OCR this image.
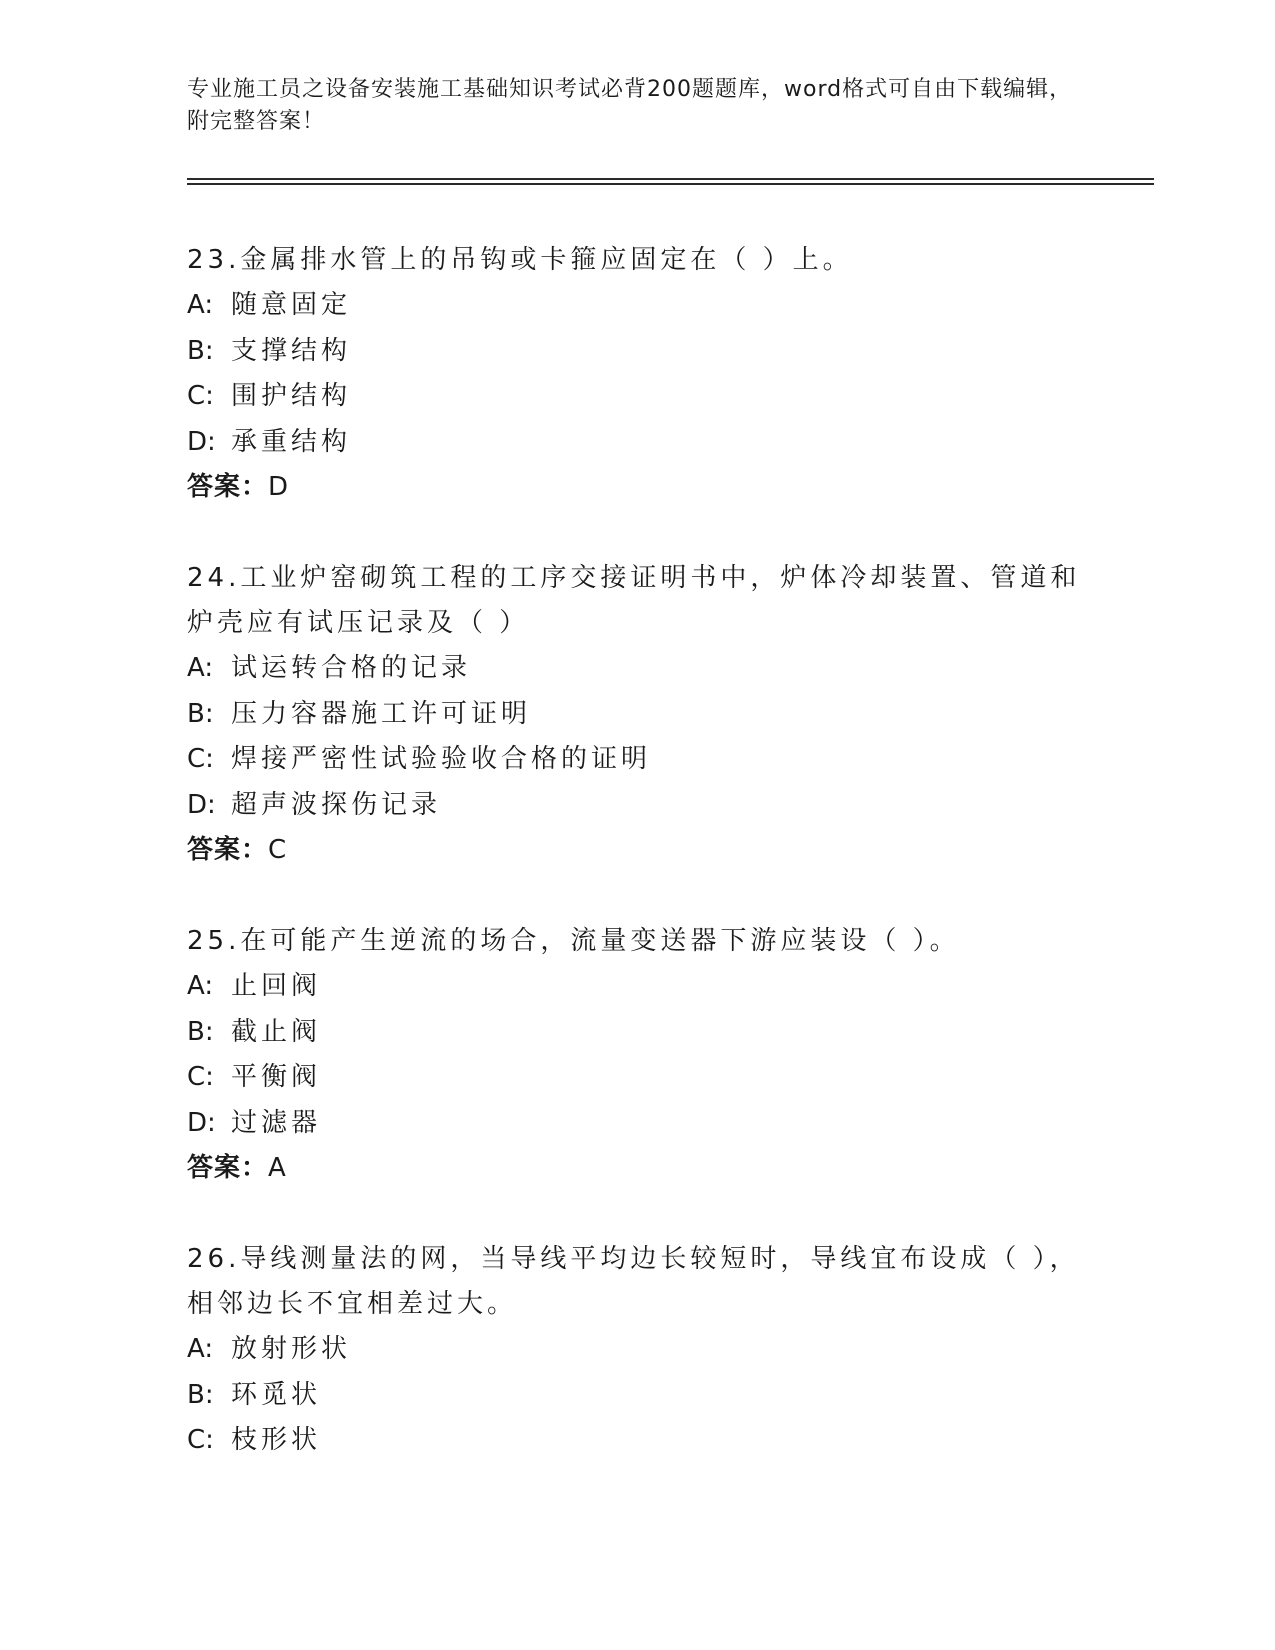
专业施工员之设备安装施工基础知识考试必背200题题库，word格式可自由下载编辑，附完整答案！

23.金属排水管上的吊钩或卡箍应固定在（ ）上。

A: 随意固定

B: 支撑结构

C: 围护结构

D: 承重结构

答案：D

24.工业炉窑砌筑工程的工序交接证明书中，炉体冷却装置、管道和炉壳应有试压记录及（ ）

A: 试运转合格的记录

B: 压力容器施工许可证明

C: 焊接严密性试验验收合格的证明

D: 超声波探伤记录

答案：C

25.在可能产生逆流的场合，流量变送器下游应装设（ ）。

A: 止回阀

B: 截止阀

C: 平衡阀

D: 过滤器

答案：A

26.导线测量法的网，当导线平均边长较短时，导线宜布设成（ ），相邻边长不宜相差过大。

A: 放射形状

B: 环觅状

C: 枝形状
